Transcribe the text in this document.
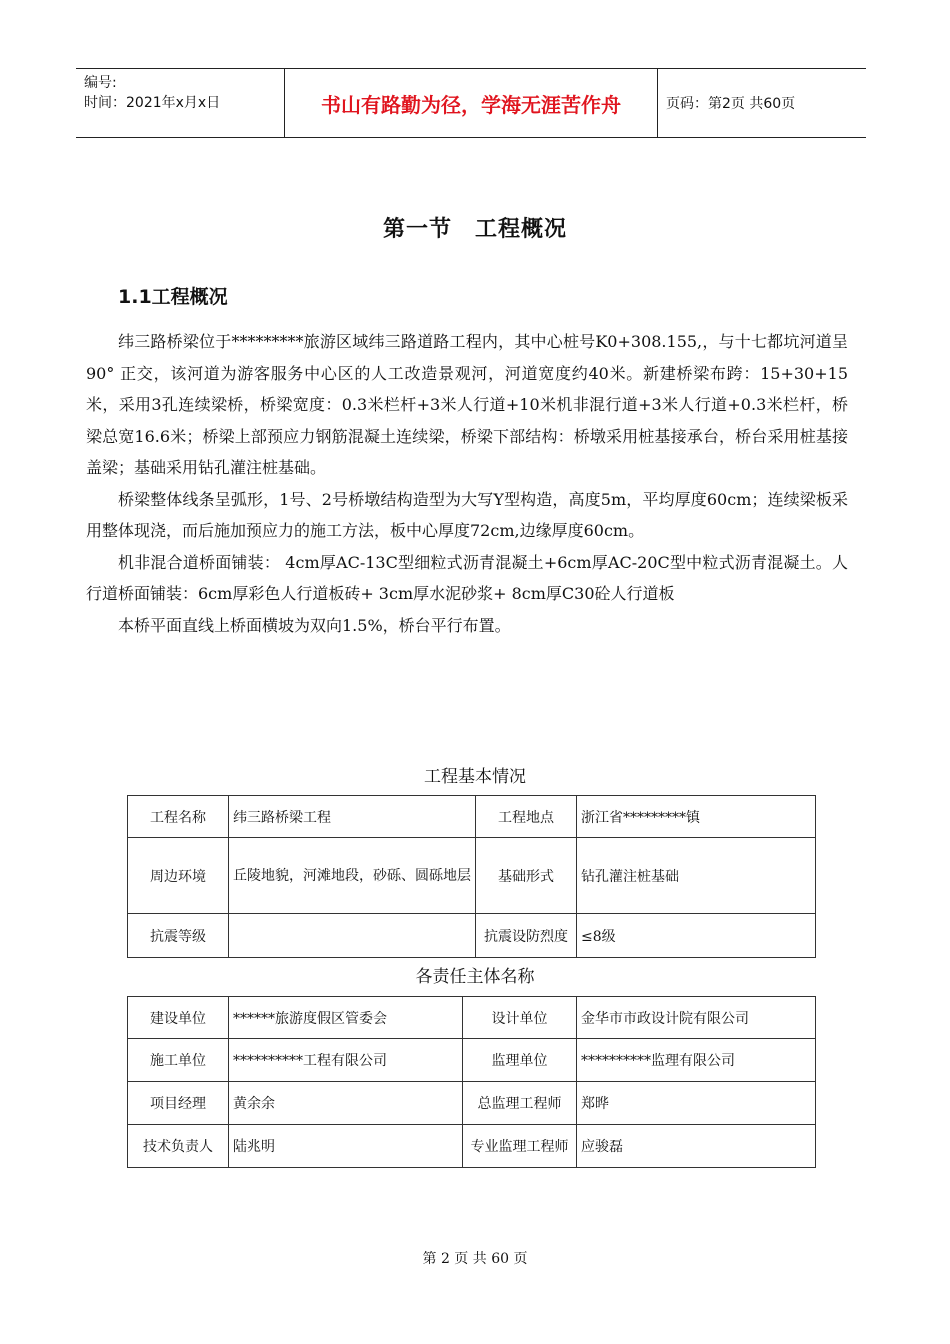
编号:
时间：2021年x月x日	书山有路勤为径，学海无涯苦作舟	页码：第2页 共60页
第一节　工程概况
1.1工程概况

纬三路桥梁位于*********旅游区域纬三路道路工程内，其中心桩号K0+308.155,，与十七都坑河道呈90° 正交，该河道为游客服务中心区的人工改造景观河，河道宽度约40米。新建桥梁布跨：15+30+15米，采用3孔连续梁桥，桥梁宽度：0.3米栏杆+3米人行道+10米机非混行道+3米人行道+0.3米栏杆，桥梁总宽16.6米；桥梁上部预应力钢筋混凝土连续梁，桥梁下部结构：桥墩采用桩基接承台，桥台采用桩基接盖梁；基础采用钻孔灌注桩基础。

桥梁整体线条呈弧形，1号、2号桥墩结构造型为大写Y型构造，高度5m，平均厚度60cm；连续梁板采用整体现浇，而后施加预应力的施工方法，板中心厚度72cm,边缘厚度60cm。

机非混合道桥面铺装： 4cm厚AC-13C型细粒式沥青混凝土+6cm厚AC-20C型中粒式沥青混凝土。人行道桥面铺装：6cm厚彩色人行道板砖+ 3cm厚水泥砂浆+ 8cm厚C30砼人行道板

本桥平面直线上桥面横坡为双向1.5%，桥台平行布置。

工程基本情况
工程名称	纬三路桥梁工程	工程地点	浙江省*********镇
周边环境	丘陵地貌，河滩地段，砂砾、圆砾地层	基础形式	钻孔灌注桩基础
抗震等级		抗震设防烈度	≤8级
各责任主体名称
建设单位	******旅游度假区管委会	设计单位	金华市市政设计院有限公司
施工单位	**********工程有限公司	监理单位	**********监理有限公司
项目经理	黄余余	总监理工程师	郑晔
技术负责人	陆兆明	专业监理工程师	应骏磊
第 2 页 共 60 页
